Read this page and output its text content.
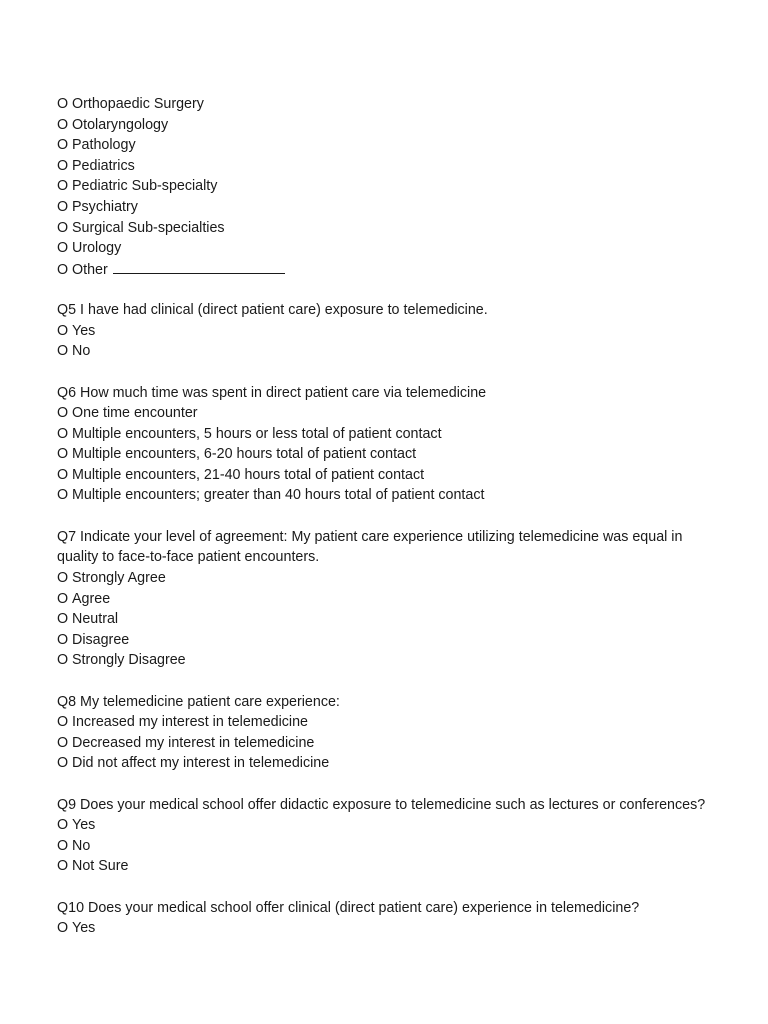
O Orthopaedic Surgery
O Otolaryngology
O Pathology
O Pediatrics
O Pediatric Sub-specialty
O Psychiatry
O Surgical Sub-specialties
O Urology
O Other
Q5 I have had clinical (direct patient care) exposure to telemedicine.
O Yes
O No
Q6 How much time was spent in direct patient care via telemedicine
O One time encounter
O Multiple encounters, 5 hours or less total of patient contact
O Multiple encounters, 6-20 hours total of patient contact
O Multiple encounters, 21-40 hours total of patient contact
O Multiple encounters; greater than 40 hours total of patient contact
Q7 Indicate your level of agreement: My patient care experience utilizing telemedicine was equal in quality to face-to-face patient encounters.
O Strongly Agree
O Agree
O Neutral
O Disagree
O Strongly Disagree
Q8 My telemedicine patient care experience:
O Increased my interest in telemedicine
O Decreased my interest in telemedicine
O Did not affect my interest in telemedicine
Q9 Does your medical school offer didactic exposure to telemedicine such as lectures or conferences?
O Yes
O No
O Not Sure
Q10 Does your medical school offer clinical (direct patient care) experience in telemedicine?
O Yes
